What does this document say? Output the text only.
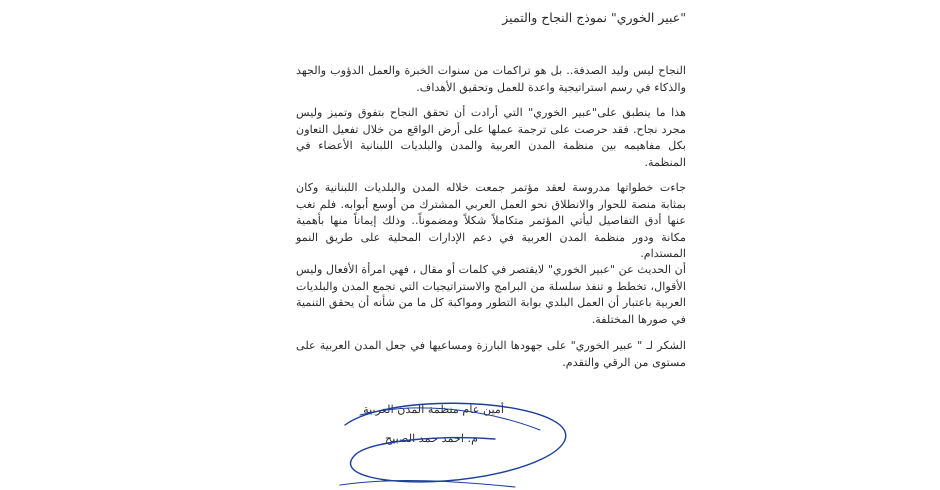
"عبير الخوري" نموذج النجاح والتميز

النجاح ليس وليد الصدفة.. بل هو تراكمات من سنوات الخبرة والعمل الدؤوب والجهد والذكاء في رسم استراتيجية واعدة للعمل وتحقيق الأهداف.

هذا ما ينطبق على"عبير الخوري" التي أرادت أن تحقق النجاح بتفوق وتميز وليس مجرد نجاح. فقد حرصت على ترجمة عملها على أرض الواقع من خلال تفعيل التعاون بكل مفاهيمه بين منظمة المدن العربية والمدن والبلديات اللبنانية الأعضاء في المنظمة.

جاءت خطواتها مدروسة لعقد مؤتمر جمعت خلاله المدن والبلديات اللبنانية وكان بمثابة منصة للحوار والانطلاق نحو العمل العربي المشترك من أوسع أبوابه. فلم تغب عنها أدق التفاصيل ليأتي المؤتمر متكاملاً شكلاً ومضموناً.. وذلك إيماناً منها بأهمية مكانة ودور منظمة المدن العربية في دعم الإدارات المحلية على طريق النمو المستدام.

أن الحديث عن "عبير الخوري" لايقتصر في كلمات أو مقال ، فهي امرأة الأفعال وليس الأقوال، تخطط و تنفذ سلسلة من البرامج والاستراتيجيات التي تجمع المدن والبلديات العربية باعتبار أن العمل البلدي بوابة التطور ومواكبة كل ما من شأنه أن يحقق التنمية في صورها المختلفة.

الشكر لـ " عبير الخوري" على جهودها البارزة ومساعيها في جعل المدن العربية على مستوى من الرقي والتقدم.

أمين عام منظمة المدن العربية
م. احمد حمد الصبيح
